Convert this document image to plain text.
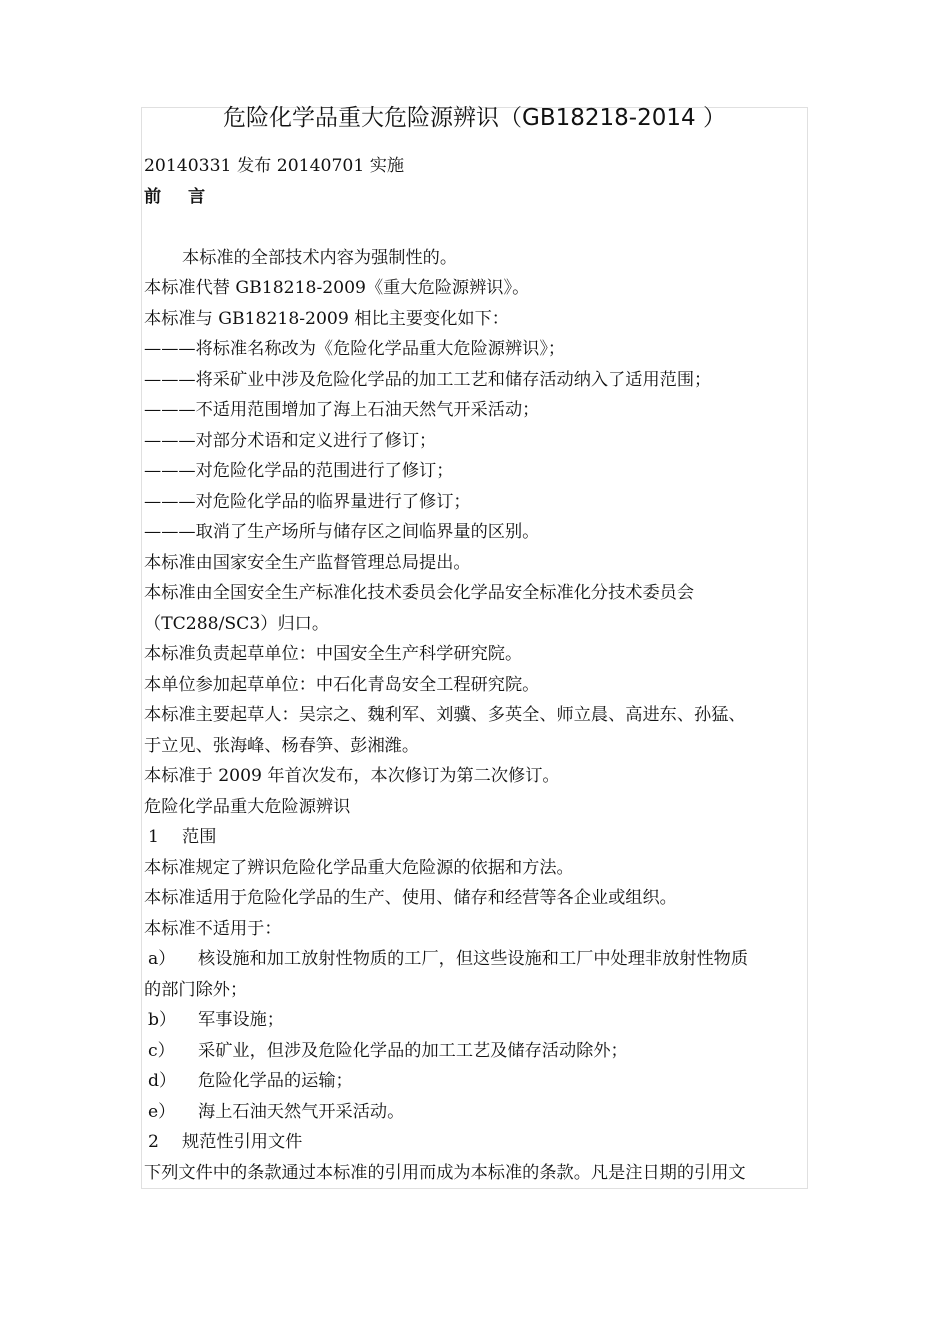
危险化学品重大危险源辨识（GB18218-2014 ）
20140331 发布 20140701 实施
前 言
本标准的全部技术内容为强制性的。
本标准代替 GB18218-2009《重大危险源辨识》。
本标准与 GB18218-2009 相比主要变化如下：
———将标准名称改为《危险化学品重大危险源辨识》；
———将采矿业中涉及危险化学品的加工工艺和储存活动纳入了适用范围；
———不适用范围增加了海上石油天然气开采活动；
———对部分术语和定义进行了修订；
———对危险化学品的范围进行了修订；
———对危险化学品的临界量进行了修订；
———取消了生产场所与储存区之间临界量的区别。
本标准由国家安全生产监督管理总局提出。
本标准由全国安全生产标准化技术委员会化学品安全标准化分技术委员会
（TC288/SC3）归口。
本标准负责起草单位：中国安全生产科学研究院。
本单位参加起草单位：中石化青岛安全工程研究院。
本标准主要起草人：吴宗之、魏利军、刘骥、多英全、师立晨、高进东、孙猛、
于立见、张海峰、杨春笋、彭湘潍。
本标准于 2009 年首次发布，本次修订为第二次修订。
危险化学品重大危险源辨识
1 范围
本标准规定了辨识危险化学品重大危险源的依据和方法。
本标准适用于危险化学品的生产、使用、储存和经营等各企业或组织。
本标准不适用于：
a） 核设施和加工放射性物质的工厂，但这些设施和工厂中处理非放射性物质
的部门除外；
b） 军事设施；
c） 采矿业，但涉及危险化学品的加工工艺及储存活动除外；
d） 危险化学品的运输；
e） 海上石油天然气开采活动。
2 规范性引用文件
下列文件中的条款通过本标准的引用而成为本标准的条款。凡是注日期的引用文
